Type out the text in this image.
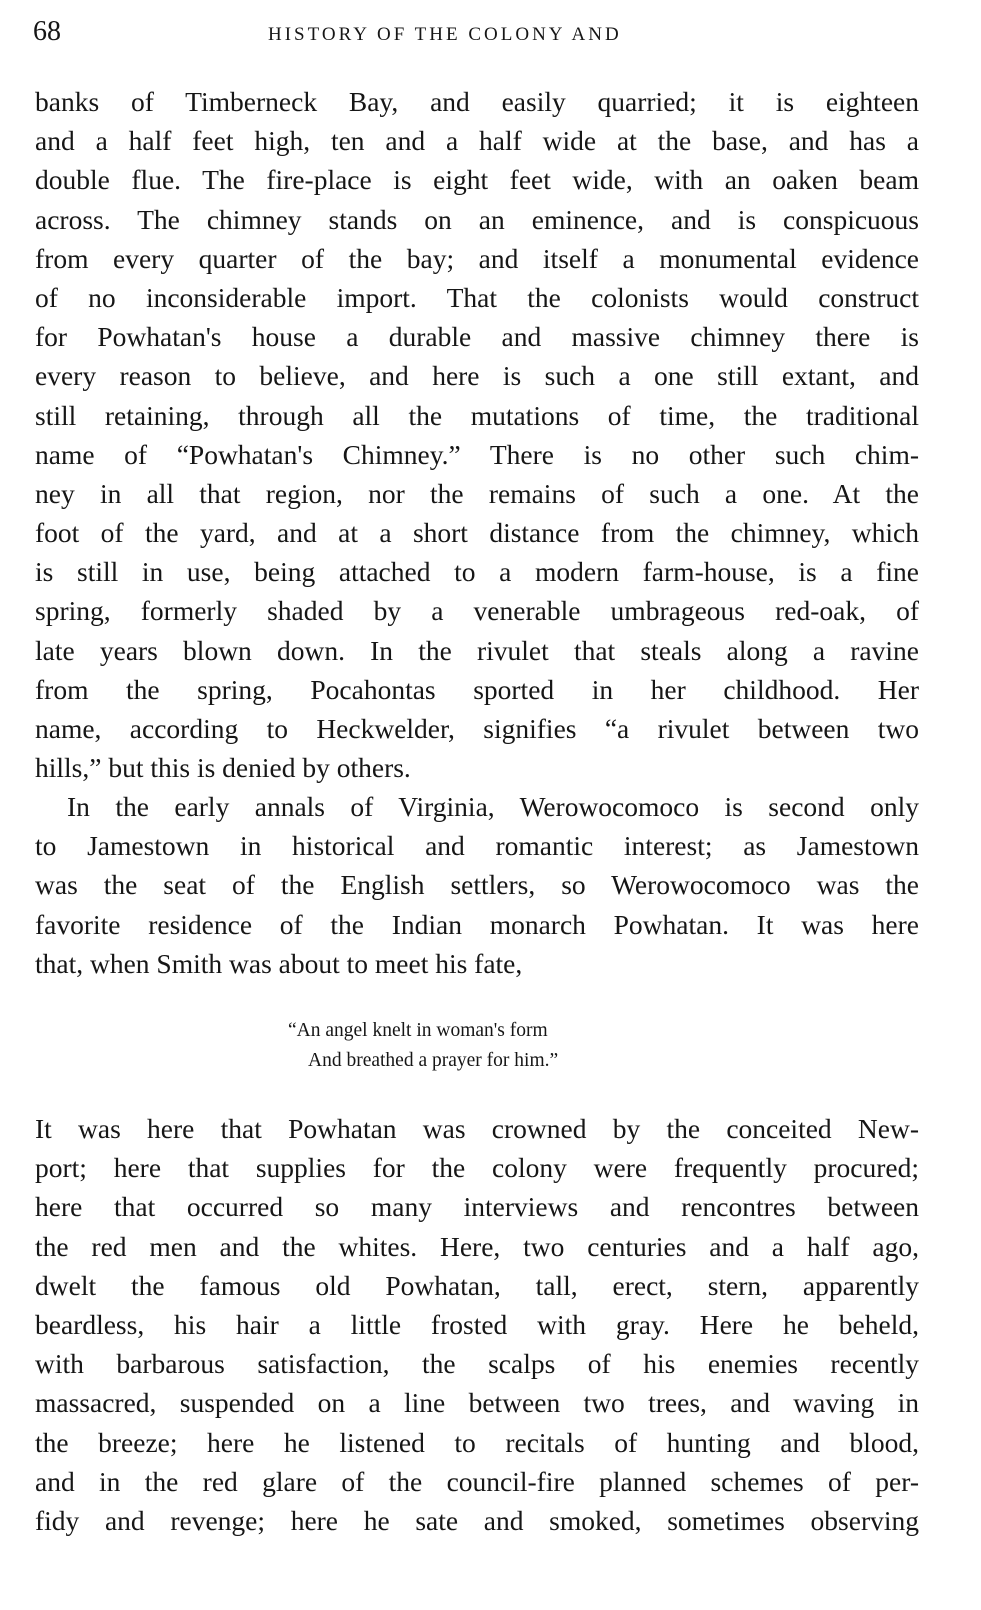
68	HISTORY OF THE COLONY AND
banks of Timberneck Bay, and easily quarried; it is eighteen
and a half feet high, ten and a half wide at the base, and has a
double flue. The fire-place is eight feet wide, with an oaken beam
across. The chimney stands on an eminence, and is conspicuous
from every quarter of the bay; and itself a monumental evidence
of no inconsiderable import. That the colonists would construct
for Powhatan's house a durable and massive chimney there is
every reason to believe, and here is such a one still extant, and
still retaining, through all the mutations of time, the traditional
name of “Powhatan's Chimney.” There is no other such chim-
ney in all that region, nor the remains of such a one. At the
foot of the yard, and at a short distance from the chimney, which
is still in use, being attached to a modern farm-house, is a fine
spring, formerly shaded by a venerable umbrageous red-oak, of
late years blown down. In the rivulet that steals along a ravine
from the spring, Pocahontas sported in her childhood. Her
name, according to Heckwelder, signifies “a rivulet between two
hills,” but this is denied by others.
In the early annals of Virginia, Werowocomoco is second only
to Jamestown in historical and romantic interest; as Jamestown
was the seat of the English settlers, so Werowocomoco was the
favorite residence of the Indian monarch Powhatan. It was here
that, when Smith was about to meet his fate,
“An angel knelt in woman's form
And breathed a prayer for him.”
It was here that Powhatan was crowned by the conceited New-
port; here that supplies for the colony were frequently procured;
here that occurred so many interviews and rencontres between
the red men and the whites. Here, two centuries and a half ago,
dwelt the famous old Powhatan, tall, erect, stern, apparently
beardless, his hair a little frosted with gray. Here he beheld,
with barbarous satisfaction, the scalps of his enemies recently
massacred, suspended on a line between two trees, and waving in
the breeze; here he listened to recitals of hunting and blood,
and in the red glare of the council-fire planned schemes of per-
fidy and revenge; here he sate and smoked, sometimes observing
